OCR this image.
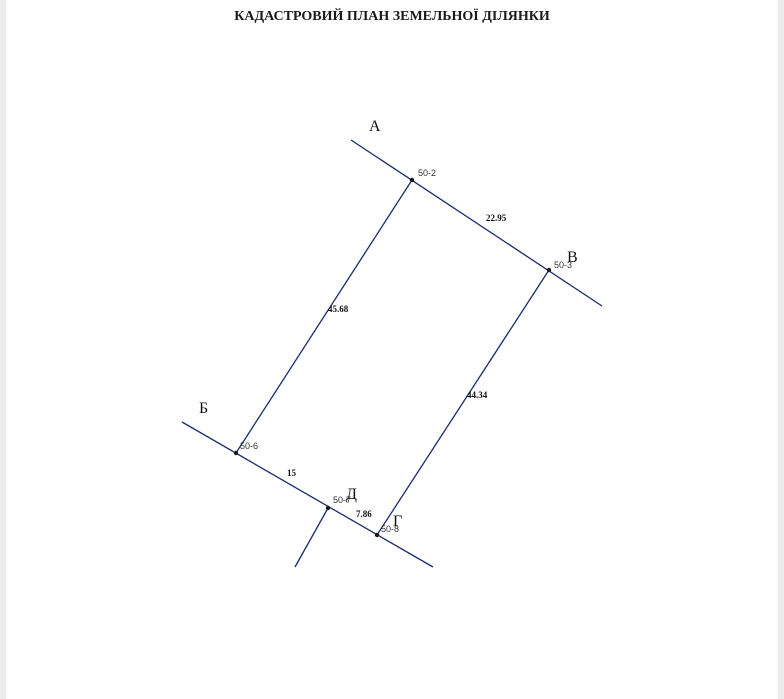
КАДАСТРОВИЙ ПЛАН ЗЕМЕЛЬНОЇ ДІЛЯНКИ
50-2
50-3
50-6
50-7
50-8
22.95
45.68
44.34
15
7.86
А
В
Б
Д
Г
